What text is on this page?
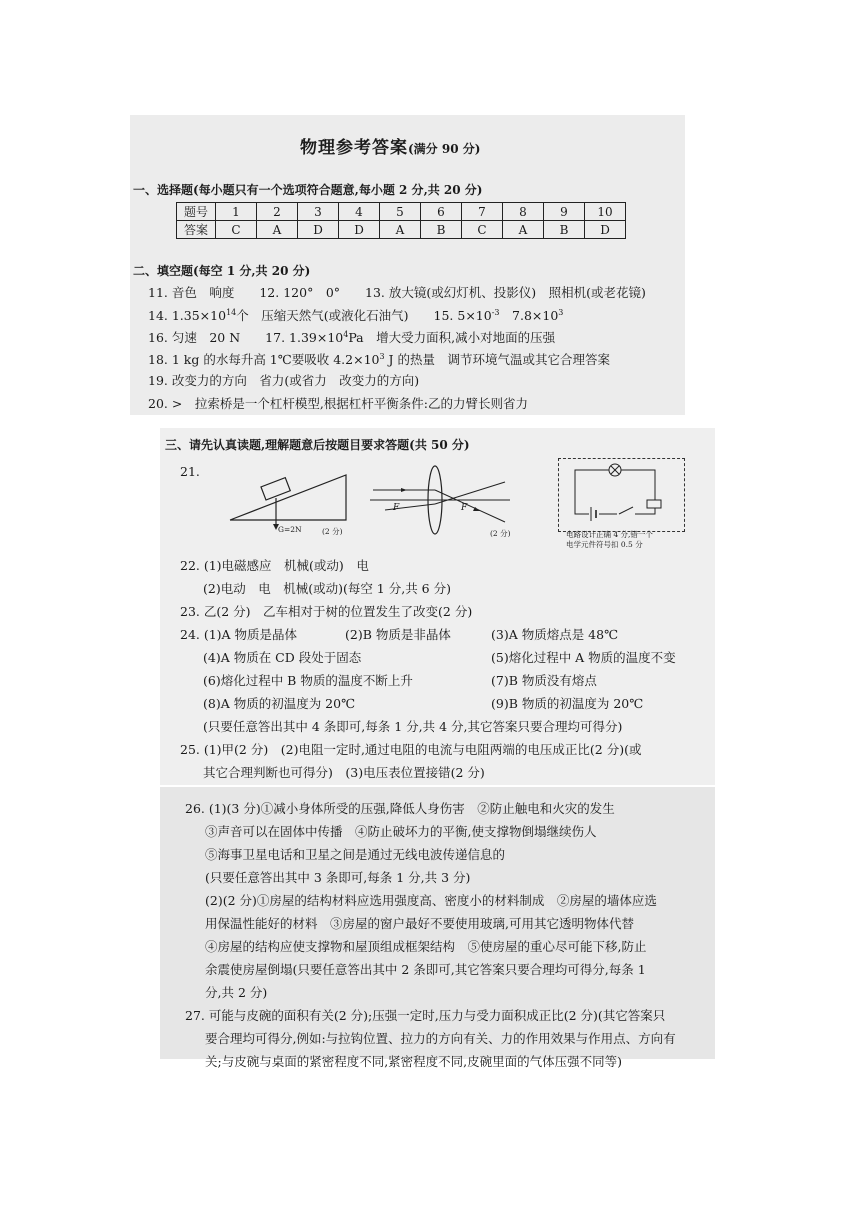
物理参考答案(满分 90 分)
一、选择题(每小题只有一个选项符合题意,每小题 2 分,共 20 分)
题号	1	2	3	4	5	6	7	8	9	10
答案	C	A	D	D	A	B	C	A	B	D
二、填空题(每空 1 分,共 20 分)
11. 音色　响度　　12. 120°　0°　　13. 放大镜(或幻灯机、投影仪)　照相机(或老花镜)
14. $1.35\times 10^{14}$个　压缩天然气(或液化石油气)　　15. $5\times 10^{-3}$　$7.8\times 10^3$
16. 匀速　20 N　　17. $1.39\times 10^4Pa$　增大受力面积,减小对地面的压强
18. 1 kg 的水每升高 1℃要吸收 $4.2\times 10^3$ J 的热量　调节环境气温或其它合理答案
19. 改变力的方向　省力(或省力　改变力的方向)
20. >　拉索桥是一个杠杆模型,根据杠杆平衡条件:乙的力臂长则省力
三、请先认真读题,理解题意后按题目要求答题(共 50 分)
21.
G=2N	(2 分)
F	F
(2 分)	电路设计正确 4 分,错一个
电学元件符号扣 0.5 分
22. (1)电磁感应　机械(或动)　电
(2)电动　电　机械(或动)(每空 1 分,共 6 分)
23. 乙(2 分)　乙车相对于树的位置发生了改变(2 分)
24. (1)A 物质是晶体	(2)B 物质是非晶体	(3)A 物质熔点是 48℃
(4)A 物质在 CD 段处于固态	(5)熔化过程中 A 物质的温度不变
(6)熔化过程中 B 物质的温度不断上升	(7)B 物质没有熔点
(8)A 物质的初温度为 20℃	(9)B 物质的初温度为 20℃
(只要任意答出其中 4 条即可,每条 1 分,共 4 分,其它答案只要合理均可得分)
25. (1)甲(2 分)　(2)电阻一定时,通过电阻的电流与电阻两端的电压成正比(2 分)(或
其它合理判断也可得分)　(3)电压表位置接错(2 分)
26. (1)(3 分)①减小身体所受的压强,降低人身伤害　②防止触电和火灾的发生
③声音可以在固体中传播　④防止破坏力的平衡,使支撑物倒塌继续伤人
⑤海事卫星电话和卫星之间是通过无线电波传递信息的
(只要任意答出其中 3 条即可,每条 1 分,共 3 分)
(2)(2 分)①房屋的结构材料应选用强度高、密度小的材料制成　②房屋的墙体应选
用保温性能好的材料　③房屋的窗户最好不要使用玻璃,可用其它透明物体代替
④房屋的结构应使支撑物和屋顶组成框架结构　⑤使房屋的重心尽可能下移,防止
余震使房屋倒塌(只要任意答出其中 2 条即可,其它答案只要合理均可得分,每条 1
分,共 2 分)
27. 可能与皮碗的面积有关(2 分);压强一定时,压力与受力面积成正比(2 分)(其它答案只
要合理均可得分,例如:与拉钩位置、拉力的方向有关、力的作用效果与作用点、方向有
关;与皮碗与桌面的紧密程度不同,紧密程度不同,皮碗里面的气体压强不同等)
